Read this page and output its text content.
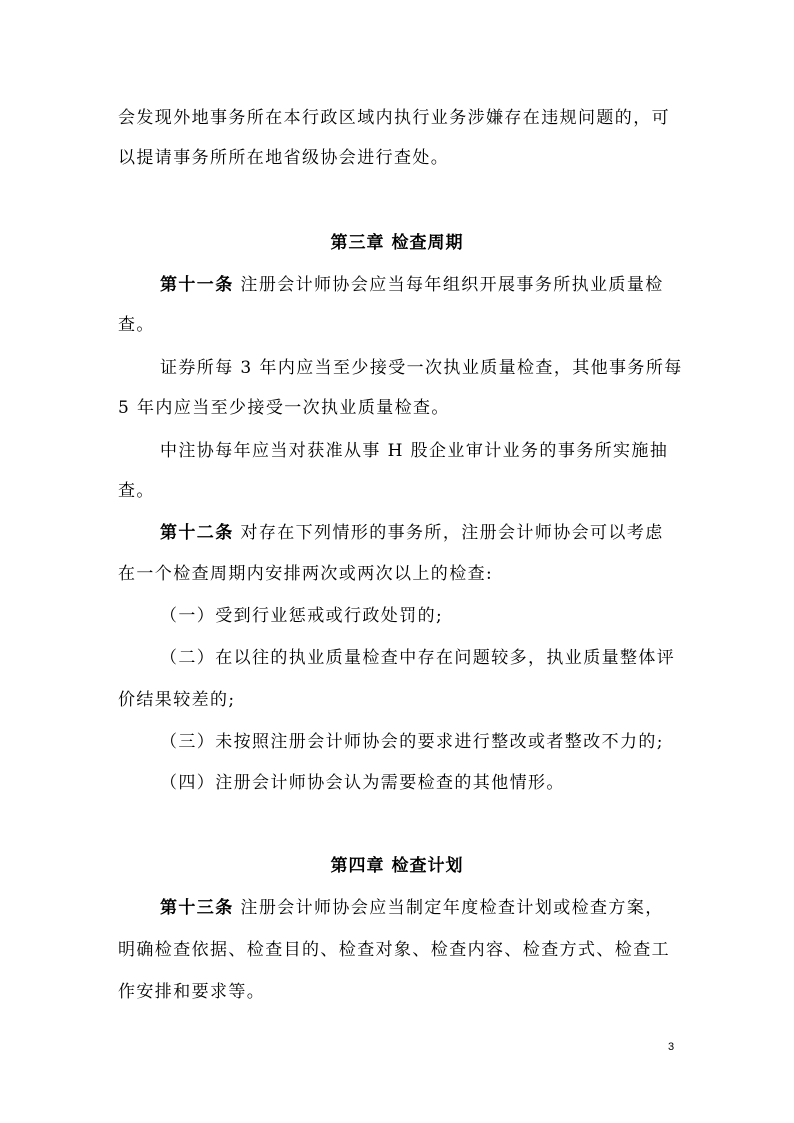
会发现外地事务所在本行政区域内执行业务涉嫌存在违规问题的，可
以提请事务所所在地省级协会进行查处。
第三章 检查周期
第十一条 注册会计师协会应当每年组织开展事务所执业质量检
查。
证券所每 3 年内应当至少接受一次执业质量检查，其他事务所每
5 年内应当至少接受一次执业质量检查。
中注协每年应当对获准从事 H 股企业审计业务的事务所实施抽
查。
第十二条 对存在下列情形的事务所，注册会计师协会可以考虑
在一个检查周期内安排两次或两次以上的检查:
（一）受到行业惩戒或行政处罚的;
（二）在以往的执业质量检查中存在问题较多，执业质量整体评
价结果较差的;
（三）未按照注册会计师协会的要求进行整改或者整改不力的;
（四）注册会计师协会认为需要检查的其他情形。
第四章 检查计划
第十三条 注册会计师协会应当制定年度检查计划或检查方案，
明确检查依据、检查目的、检查对象、检查内容、检查方式、检查工
作安排和要求等。
3
